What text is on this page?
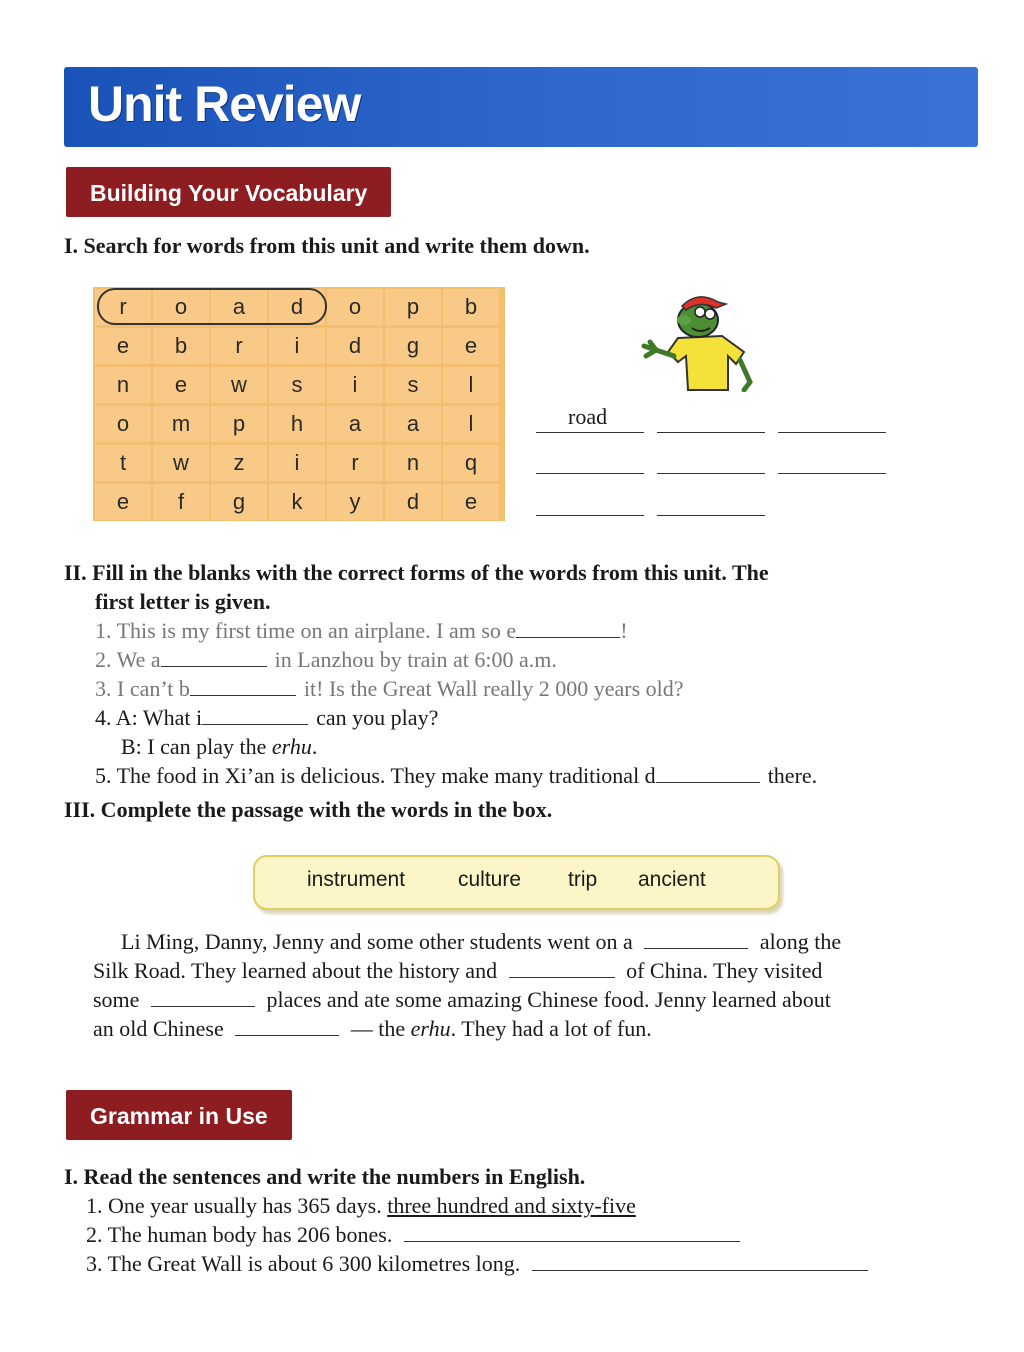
Unit Review
Building Your Vocabulary
I. Search for words from this unit and write them down.
r	o	a	d	o	p	b
e	b	r	i	d	g	e
n	e	w	s	i	s	l
o	m	p	h	a	a	l
t	w	z	i	r	n	q
e	f	g	k	y	d	e
road
II. Fill in the blanks with the correct forms of the words from this unit. The
first letter is given.
1. This is my first time on an airplane. I am so e	!
2. We a	in Lanzhou by train at 6:00 a.m.
3. I can’t b	it! Is the Great Wall really 2 000 years old?
4. A: What i	can you play?
B: I can play the erhu.
5. The food in Xi’an is delicious. They make many traditional d	there.
III. Complete the passage with the words in the box.
instrument	culture trip ancient
Li Ming, Danny, Jenny and some other students went on a	along the
Silk Road. They learned about the history and	of China. They visited
some	places and ate some amazing Chinese food. Jenny learned about
an old Chinese	— the erhu. They had a lot of fun.
Grammar in Use
I. Read the sentences and write the numbers in English.
1. One year usually has 365 days. three hundred and sixty-five
2. The human body has 206 bones.
3. The Great Wall is about 6 300 kilometres long.
